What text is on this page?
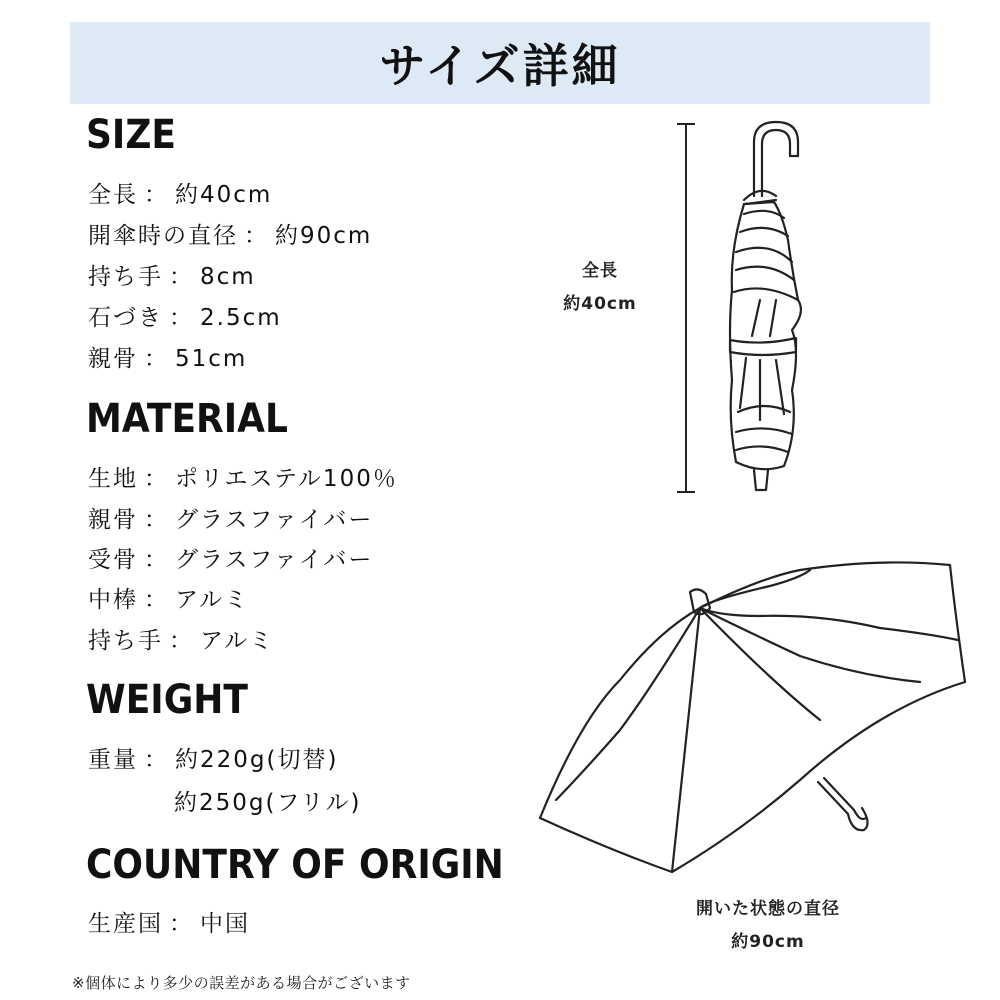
サイズ詳細
SIZE
全長 ： 約40cm
開傘時の直径 ： 約90cm
持ち手 ： 8cm
石づき ： 2.5cm
親骨 ： 51cm
MATERIAL
生地 ： ポリエステル100％
親骨 ： グラスファイバー
受骨 ： グラスファイバー
中棒 ： アルミ
持ち手 ： アルミ
WEIGHT
重量 ： 約220g(切替)
約250g(フリル)
COUNTRY OF ORIGIN
生産国 ： 中国
※個体により多少の誤差がある場合がございます
全長
約40cm
開いた状態の直径
約90cm
